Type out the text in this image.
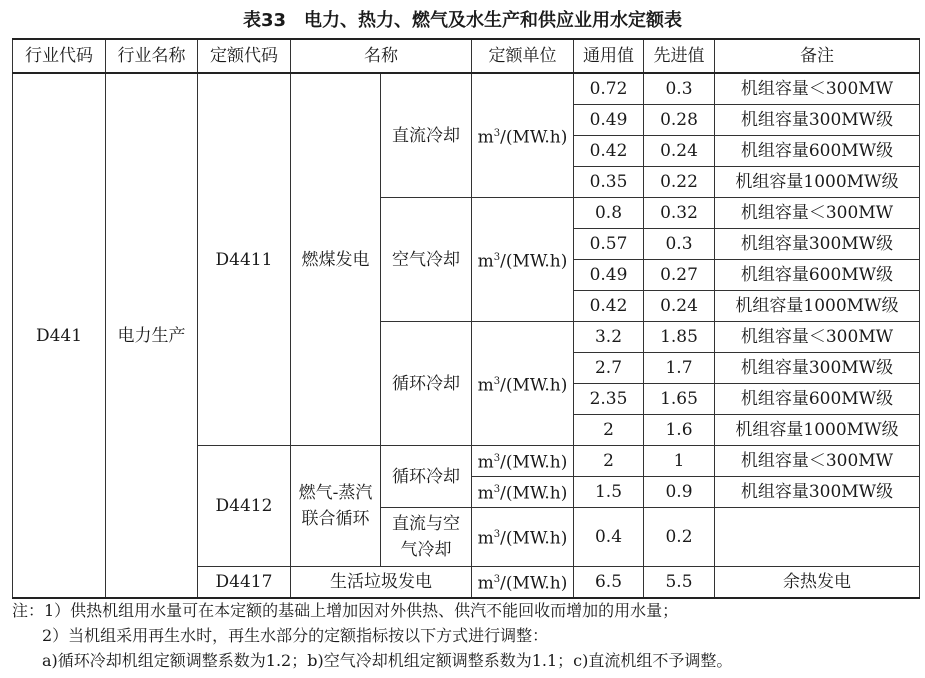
表33　电力、热力、燃气及水生产和供应业用水定额表
行业代码	行业名称	定额代码	名称		定额单位	通用值	先进值	备注
D441	电力生产	D4411	燃煤发电	直流冷却	$m^3/(MW.h)$	0.72	0.3	机组容量＜300MW
						0.49	0.28	机组容量300MW级
						0.42	0.24	机组容量600MW级
						0.35	0.22	机组容量1000MW级
				空气冷却	$m^3/(MW.h)$	0.8	0.32	机组容量＜300MW
						0.57	0.3	机组容量300MW级
						0.49	0.27	机组容量600MW级
						0.42	0.24	机组容量1000MW级
				循环冷却	$m^3/(MW.h)$	3.2	1.85	机组容量＜300MW
						2.7	1.7	机组容量300MW级
						2.35	1.65	机组容量600MW级
						2	1.6	机组容量1000MW级
		D4412	燃气-蒸汽联合循环	循环冷却	$m^3/(MW.h)$	2	1	机组容量＜300MW
					$m^3/(MW.h)$	1.5	0.9	机组容量300MW级
				直流与空气冷却	$m^3/(MW.h)$	0.4	0.2	
		D4417	生活垃圾发电		$m^3/(MW.h)$	6.5	5.5	余热发电
注：1）供热机组用水量可在本定额的基础上增加因对外供热、供汽不能回收而增加的用水量；
2）当机组采用再生水时，再生水部分的定额指标按以下方式进行调整：
a)循环冷却机组定额调整系数为1.2；b)空气冷却机组定额调整系数为1.1；c)直流机组不予调整。
